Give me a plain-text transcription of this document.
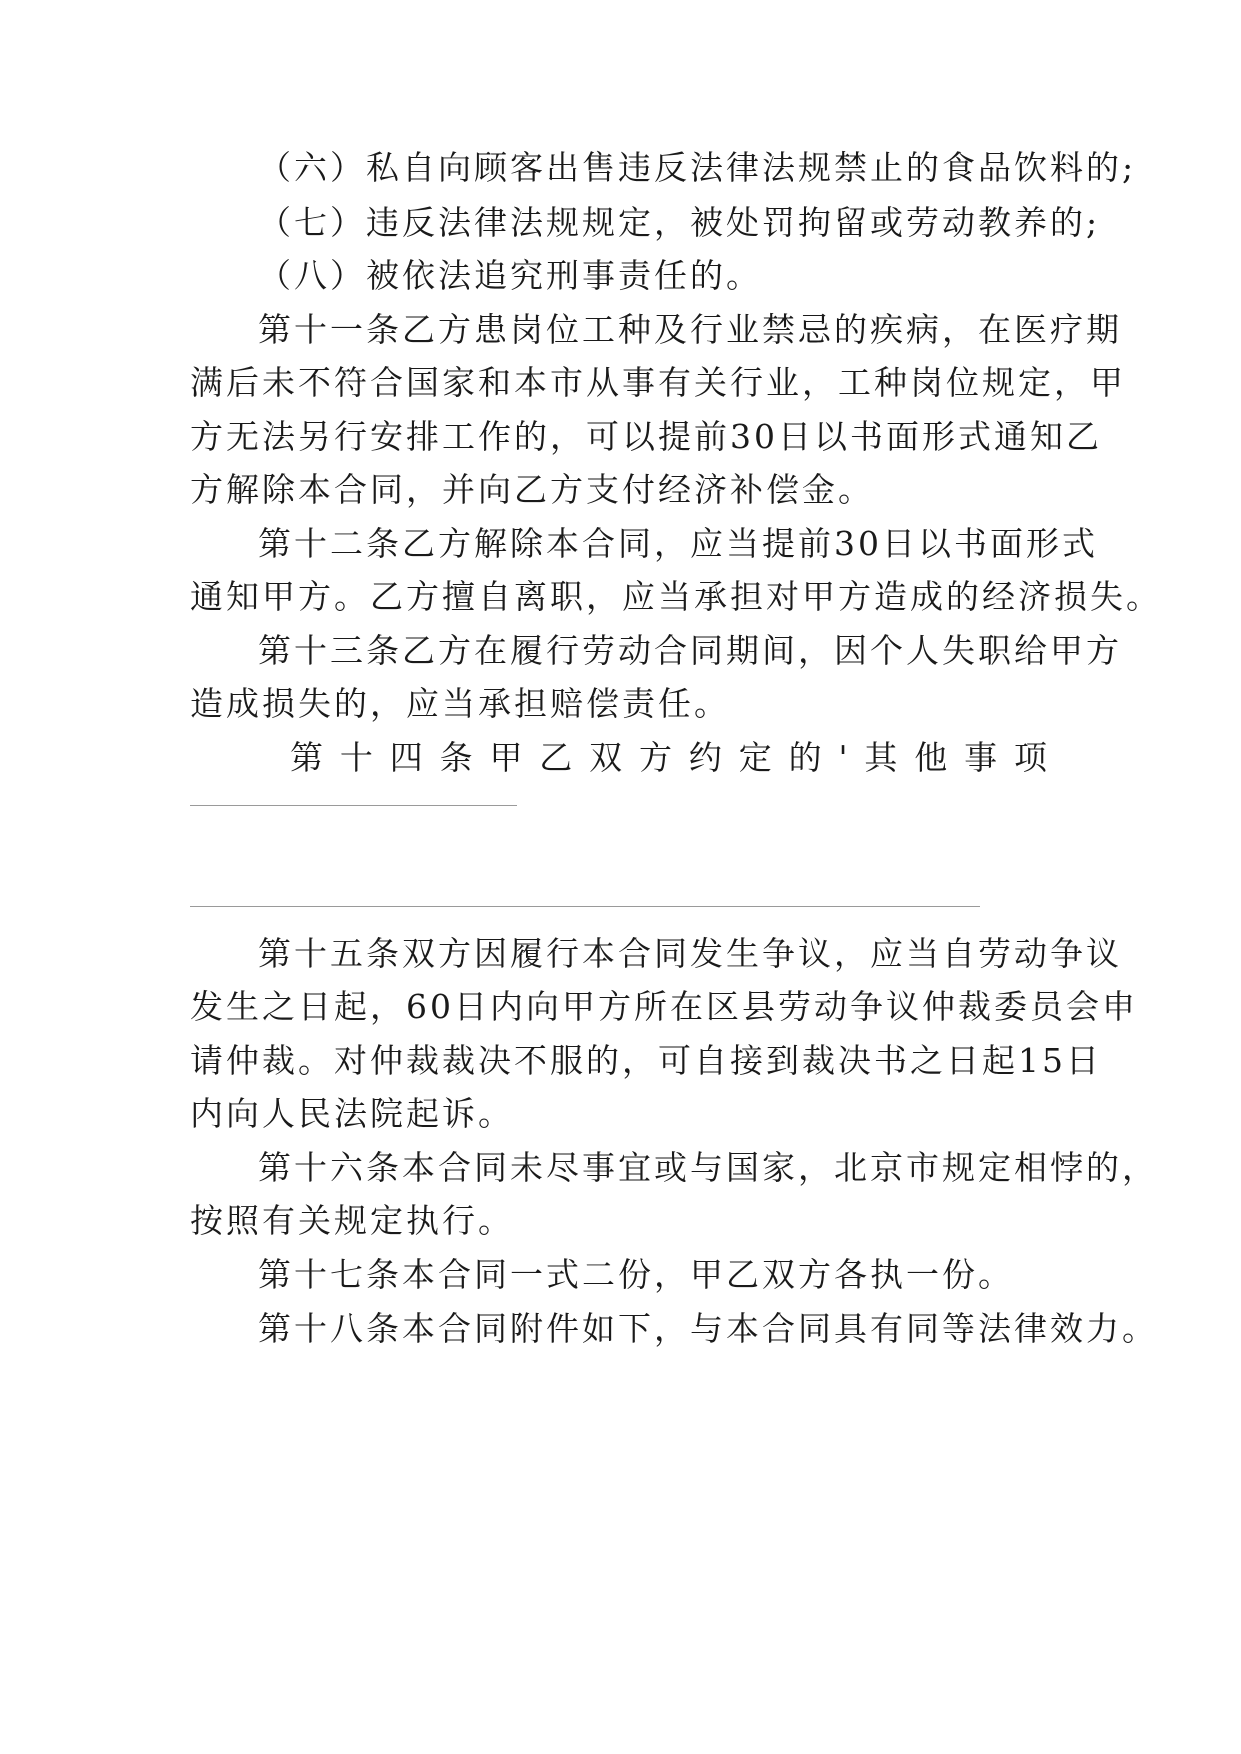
（六）私自向顾客出售违反法律法规禁止的食品饮料的;
（七）违反法律法规规定，被处罚拘留或劳动教养的;
（八）被依法追究刑事责任的。
第十一条乙方患岗位工种及行业禁忌的疾病，在医疗期
满后未不符合国家和本市从事有关行业，工种岗位规定，甲
方无法另行安排工作的，可以提前30日以书面形式通知乙
方解除本合同，并向乙方支付经济补偿金。
第十二条乙方解除本合同，应当提前30日以书面形式
通知甲方。乙方擅自离职，应当承担对甲方造成的经济损失。
第十三条乙方在履行劳动合同期间，因个人失职给甲方
造成损失的，应当承担赔偿责任。
第十四条甲乙双方约定的'其他事项
第十五条双方因履行本合同发生争议，应当自劳动争议
发生之日起，60日内向甲方所在区县劳动争议仲裁委员会申
请仲裁。对仲裁裁决不服的，可自接到裁决书之日起15日
内向人民法院起诉。
第十六条本合同未尽事宜或与国家，北京市规定相悖的，
按照有关规定执行。
第十七条本合同一式二份，甲乙双方各执一份。
第十八条本合同附件如下，与本合同具有同等法律效力。
